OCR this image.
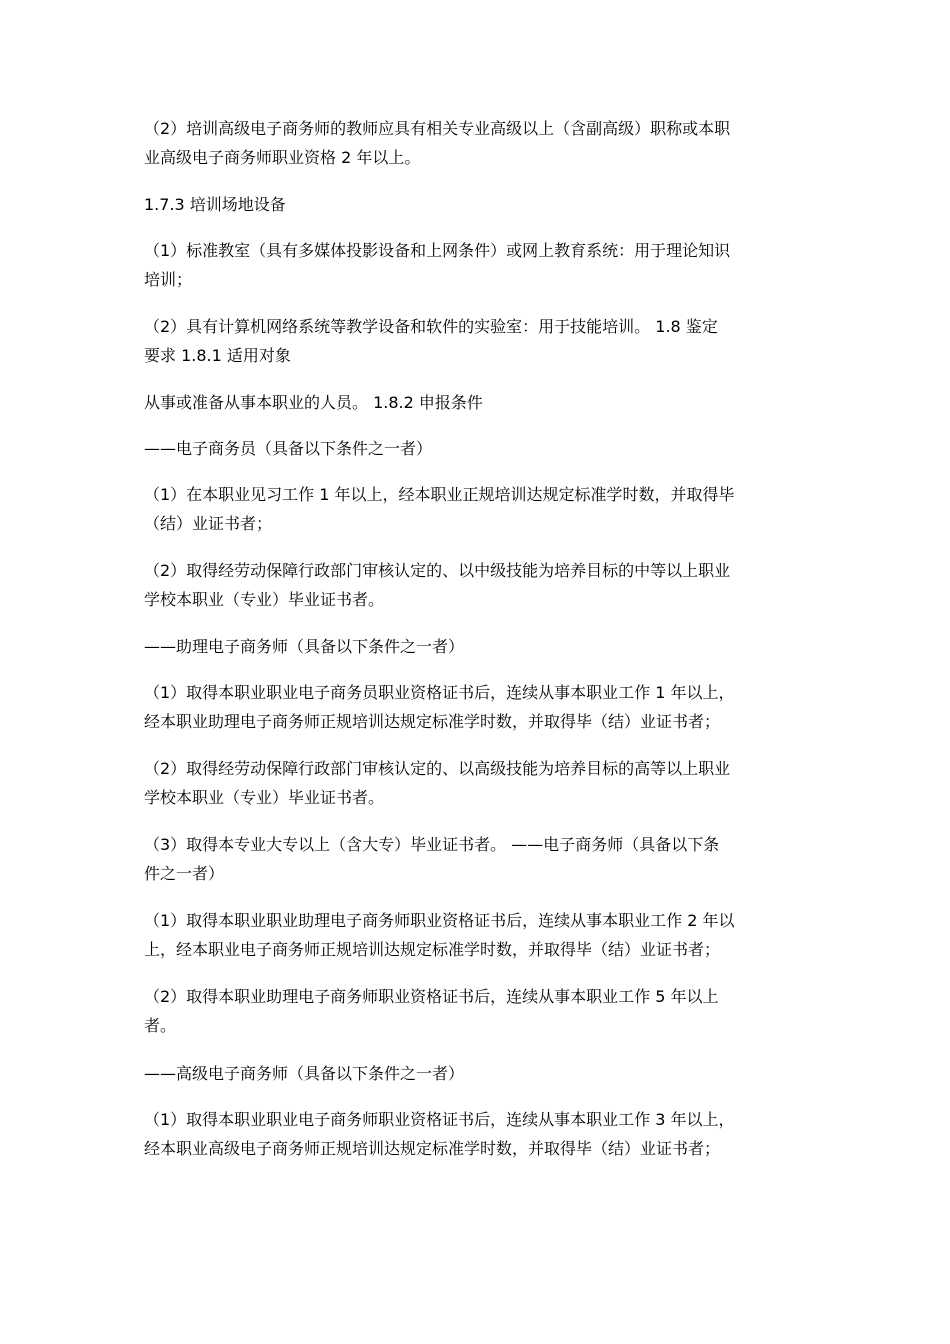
（2）培训高级电子商务师的教师应具有相关专业高级以上（含副高级）职称或本职
业高级电子商务师职业资格 2 年以上。

1.7.3 培训场地设备

（1）标准教室（具有多媒体投影设备和上网条件）或网上教育系统：用于理论知识
培训；

（2）具有计算机网络系统等教学设备和软件的实验室：用于技能培训。 1.8 鉴定
要求 1.8.1 适用对象

从事或准备从事本职业的人员。 1.8.2 申报条件

——电子商务员（具备以下条件之一者）

（1）在本职业见习工作 1 年以上，经本职业正规培训达规定标准学时数，并取得毕
（结）业证书者；

（2）取得经劳动保障行政部门审核认定的、以中级技能为培养目标的中等以上职业
学校本职业（专业）毕业证书者。

——助理电子商务师（具备以下条件之一者）

（1）取得本职业职业电子商务员职业资格证书后，连续从事本职业工作 1 年以上，
经本职业助理电子商务师正规培训达规定标准学时数，并取得毕（结）业证书者；

（2）取得经劳动保障行政部门审核认定的、以高级技能为培养目标的高等以上职业
学校本职业（专业）毕业证书者。

（3）取得本专业大专以上（含大专）毕业证书者。 ——电子商务师（具备以下条
件之一者）

（1）取得本职业职业助理电子商务师职业资格证书后，连续从事本职业工作 2 年以
上，经本职业电子商务师正规培训达规定标准学时数，并取得毕（结）业证书者；

（2）取得本职业助理电子商务师职业资格证书后，连续从事本职业工作 5 年以上
者。

——高级电子商务师（具备以下条件之一者）

（1）取得本职业职业电子商务师职业资格证书后，连续从事本职业工作 3 年以上，
经本职业高级电子商务师正规培训达规定标准学时数，并取得毕（结）业证书者；
